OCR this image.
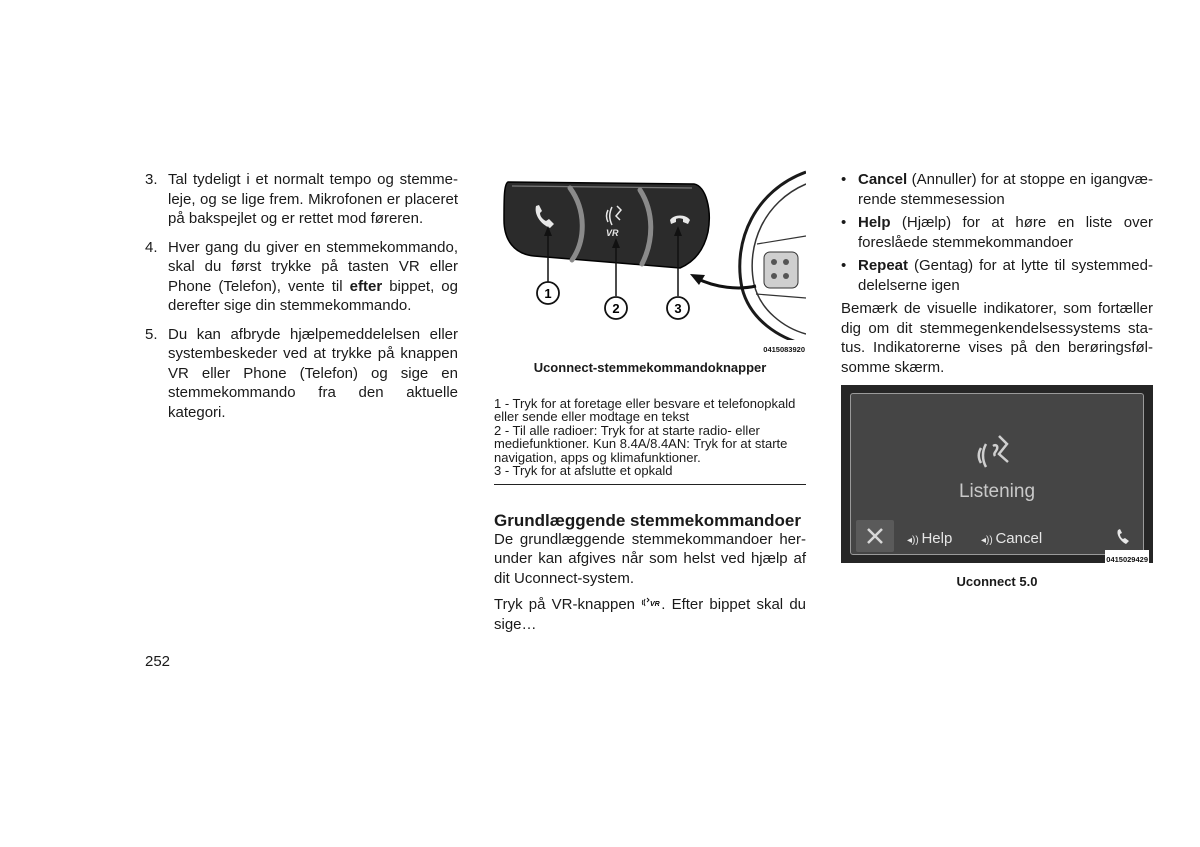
3. Tal tydeligt i et normalt tempo og stemmeleje, og se lige frem. Mikrofonen er placeret på bakspejlet og er rettet mod føreren.
4. Hver gang du giver en stemmekommando, skal du først trykke på tasten VR eller Phone (Telefon), vente til efter bippet, og derefter sige din stemmekommando.
5. Du kan afbryde hjælpemeddelelsen eller systembeskeder ved at trykke på knappen VR eller Phone (Telefon) og sige en stemmekommando fra den aktuelle kategori.
VR
1
2	3
0415083920
Uconnect-stemmekommandoknapper
1 - Tryk for at foretage eller besvare et telefonopkald eller sende eller modtage en tekst
2 - Til alle radioer: Tryk for at starte radio- eller mediefunktioner. Kun 8.4A/8.4AN: Tryk for at starte navigation, apps og klimafunktioner.
3 - Tryk for at afslutte et opkald
Grundlæggende stemmekommandoer
De grundlæggende stemmekommandoer herunder kan afgives når som helst ved hjælp af dit Uconnect-system.
Tryk på VR-knappen VR . Efter bippet skal du sige…
• Cancel (Annuller) for at stoppe en igangværende stemmesession
• Help (Hjælp) for at høre en liste over foreslåede stemmekommandoer
• Repeat (Gentag) for at lytte til systemmeddelelserne igen
Bemærk de visuelle indikatorer, som fortæller dig om dit stemmegenkendelsessystems status. Indikatorerne vises på den berøringsfølsomme skærm.
Listening
◂)) Help	◂)) Cancel
0415029429
Uconnect 5.0
252
